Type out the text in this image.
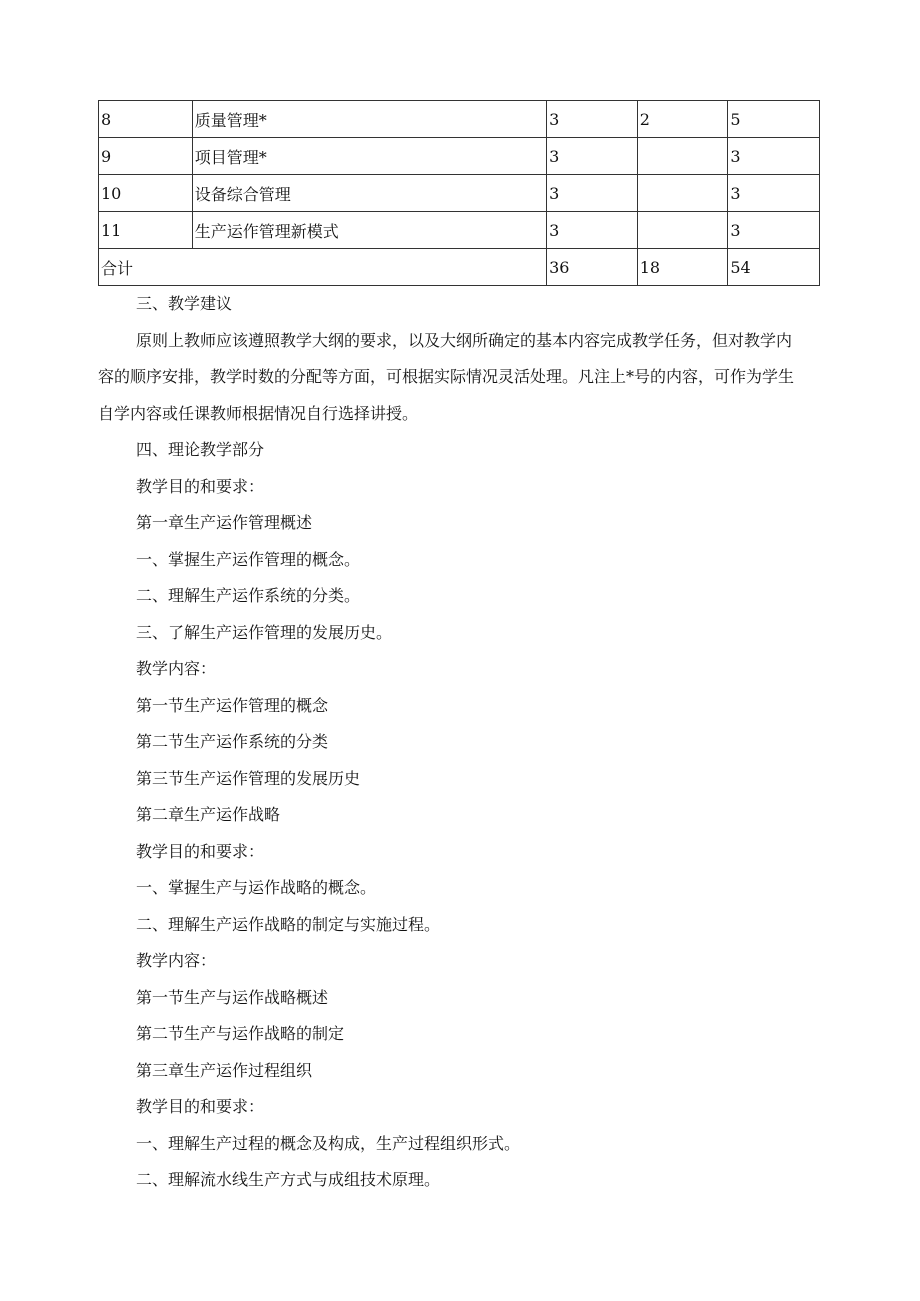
8	质量管理*	3	2	5
9	项目管理*	3		3
10	设备综合管理	3		3
11	生产运作管理新模式	3		3
合计		36	18	54
三、教学建议

原则上教师应该遵照教学大纲的要求，以及大纲所确定的基本内容完成教学任务，但对教学内容的顺序安排，教学时数的分配等方面，可根据实际情况灵活处理。凡注上*号的内容，可作为学生自学内容或任课教师根据情况自行选择讲授。

四、理论教学部分
教学目的和要求：
第一章生产运作管理概述
一、掌握生产运作管理的概念。
二、理解生产运作系统的分类。
三、了解生产运作管理的发展历史。
教学内容：
第一节生产运作管理的概念
第二节生产运作系统的分类
第三节生产运作管理的发展历史
第二章生产运作战略
教学目的和要求：
一、掌握生产与运作战略的概念。
二、理解生产运作战略的制定与实施过程。
教学内容：
第一节生产与运作战略概述
第二节生产与运作战略的制定
第三章生产运作过程组织
教学目的和要求：
一、理解生产过程的概念及构成，生产过程组织形式。
二、理解流水线生产方式与成组技术原理。
